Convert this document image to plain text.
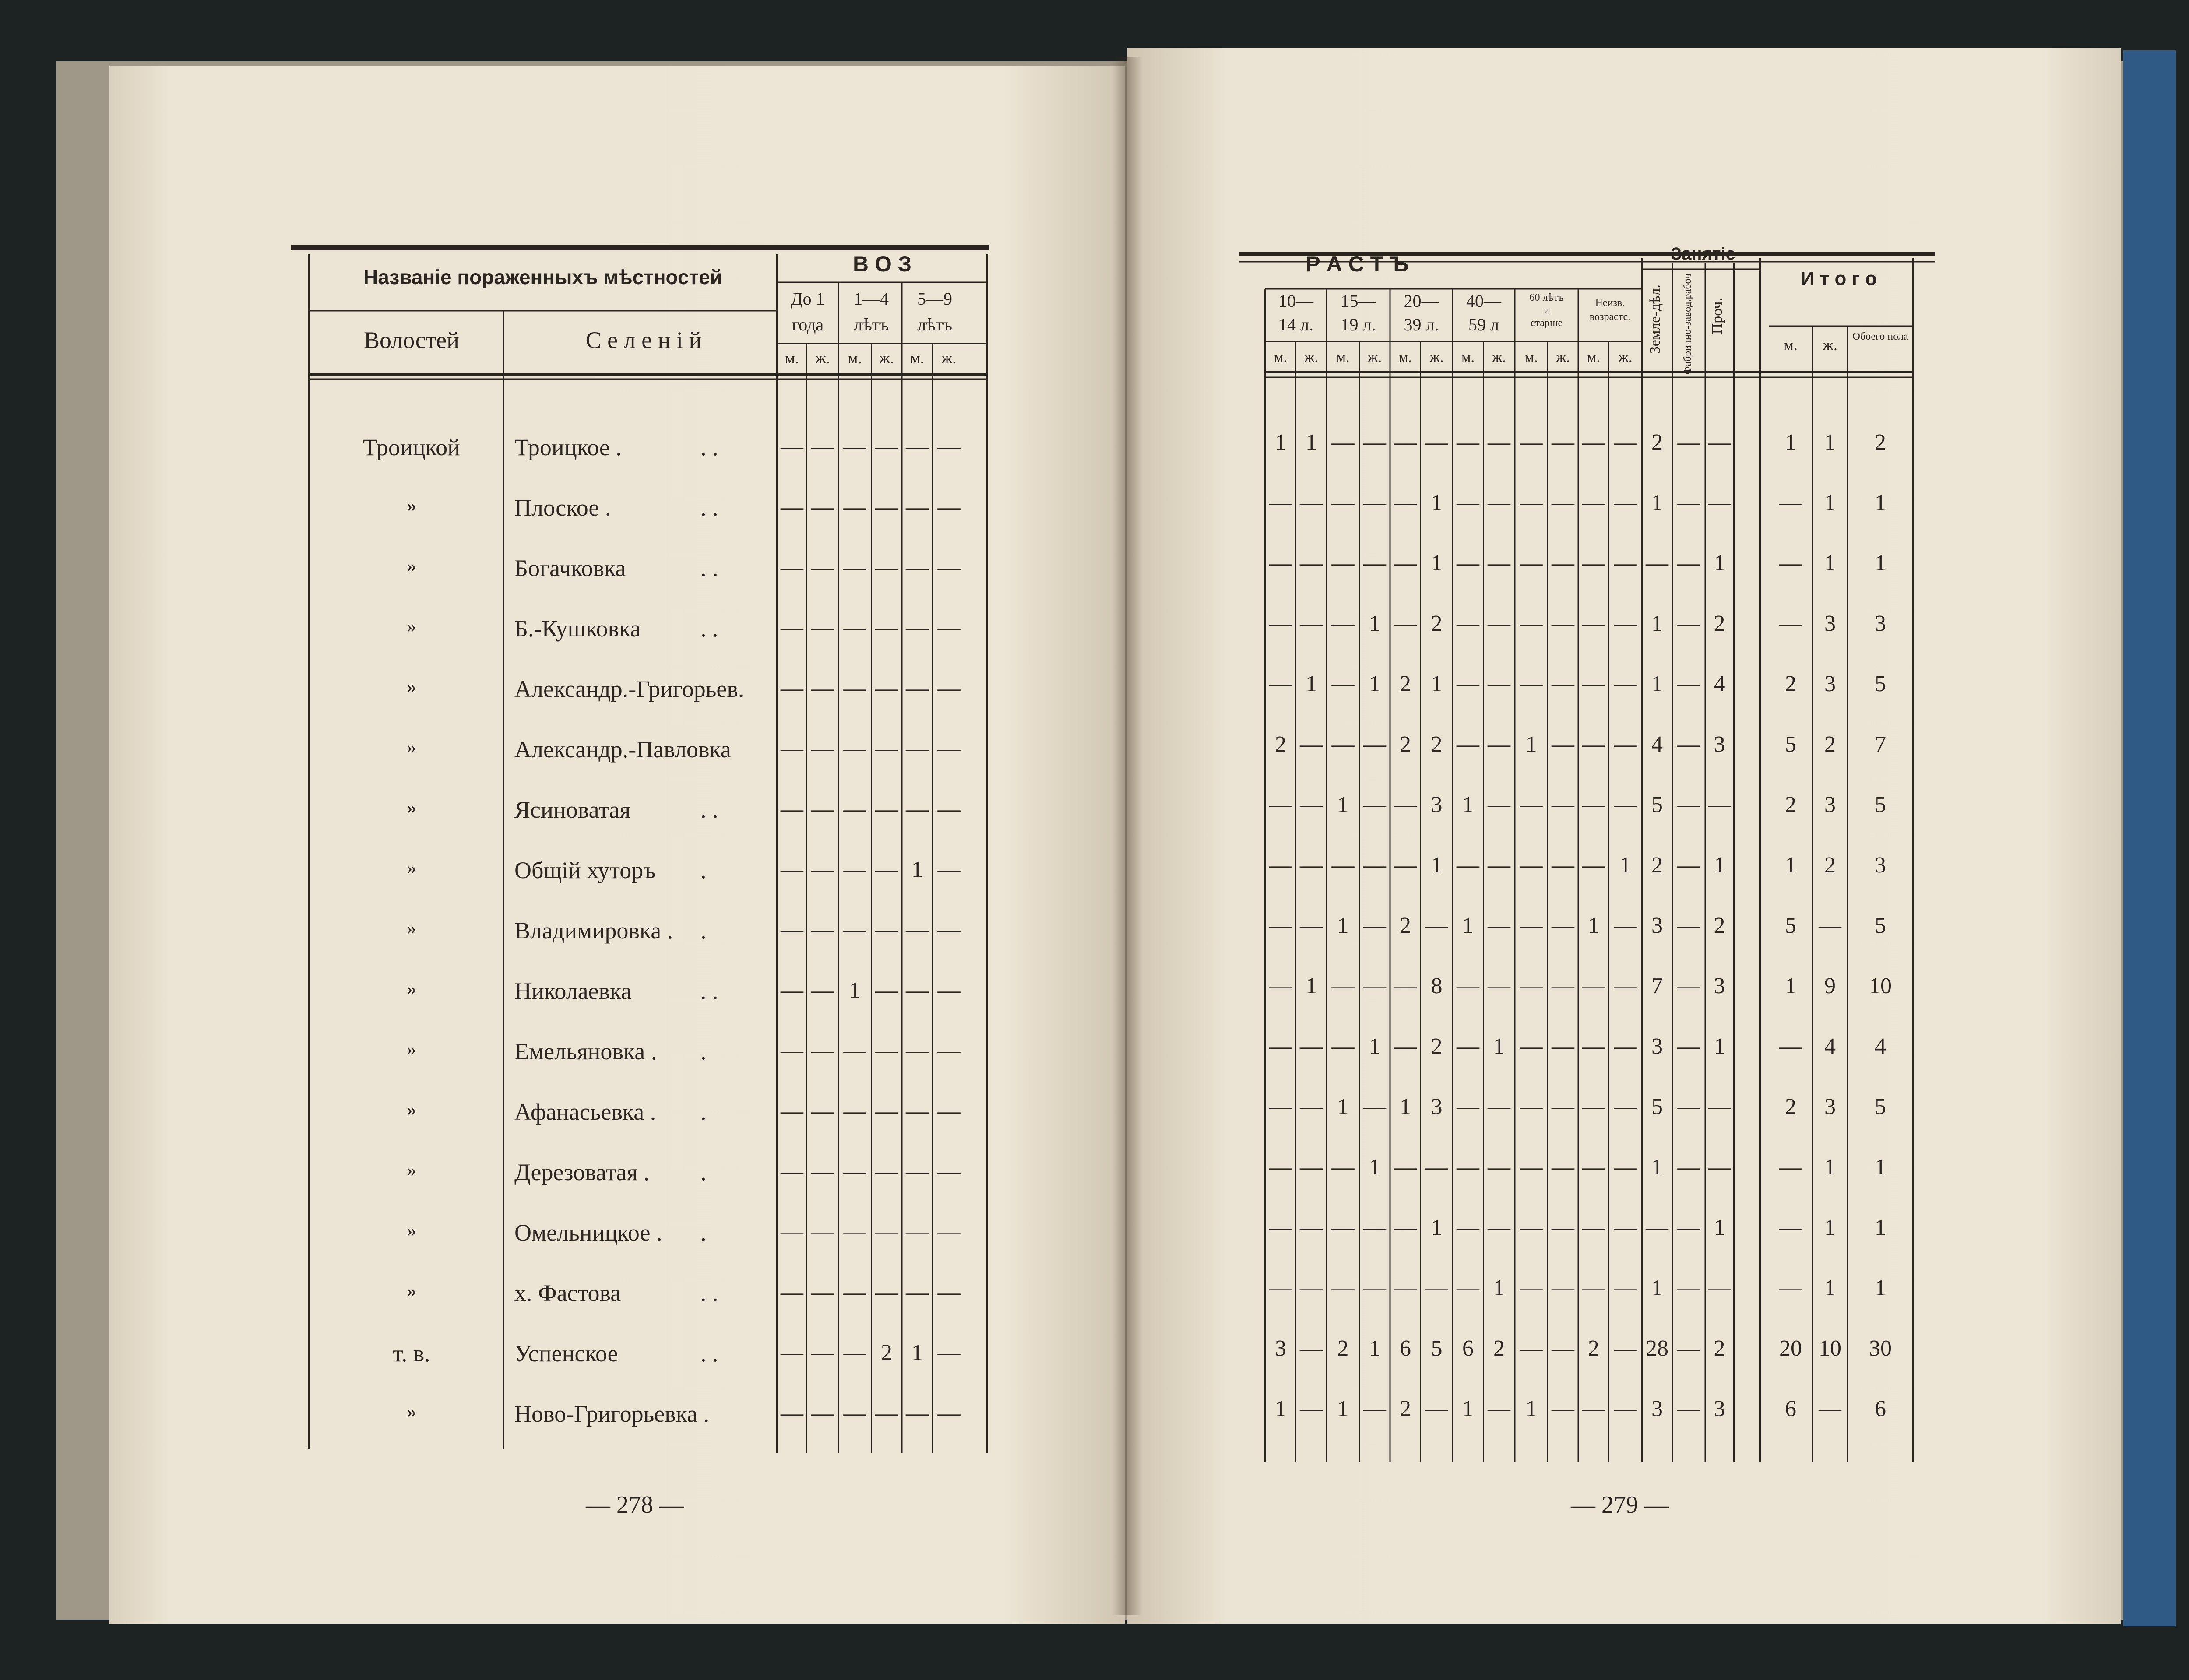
Названіе пораженныхъ мѣстностей
Волостей	С е л е н і й
В О З
До 1
года
1—4
лѣтъ
5—9
лѣтъ
м. ж. м. ж. м. ж.
Троицкой Троицкое .	. .	— — — — — —
»	Плоское .	. .	— — — — — —
»	Богачковка	. .	— — — — — —
»	Б.-Кушковка	. .	— — — — — —
»	Александр.-Григорьев. — — — — — —
»	Александр.-Павловка — — — — — —
»	Ясиноватая	. .	— — — — — —
»	Общій хуторъ .	— — — — 1 —
»	Владимировка . .	— — — — — —
»	Николаевка	. .	— — 1 — — —
»	Емельяновка . .	— — — — — —
»	Афанасьевка . .	— — — — — —
»	Дерезоватая . .	— — — — — —
»	Омельницкое . .	— — — — — —
»	х. Фастова	. .	— — — — — —
т. в.	Успенское	. .	— — — 2 1 —
»	Ново-Григорьевка .	— — — — — —
— 278 —
Р А С Т Ъ
10—
14 л.
15—
19 л.
20—
39 л.
40—
59 л
60 лѣтъ
и
старше
Неизв.
возрастс.
м. ж. м. ж. м. ж. м. ж. м. ж. м. ж.
Занятіе
Земле-дѣл. Фабрично-завод.рабоч Проч.
И т о г о
м. ж. Обоего пола
1 1 — — — — — — — — — — 2 — — 1 1 2
— — — — — 1 — — — — — — 1 — — — 1 1
— — — — — 1 — — — — — — — — 1 — 1 1
— — — 1 — 2 — — — — — — 1 — 2 — 3 3
— 1 — 1 2 1 — — — — — — 1 — 4	2 3 5
2 — — — 2 2 — — 1 — — — 4 — 3	5 2 7
— — 1 — — 3 1 — — — — — 5 — — 2 3 5
— — — — — 1 — — — — — 1 2 — 1	1 2 3
— — 1 — 2 — 1 — — — 1 — 3 — 2	5 — 5
— 1 — — — 8 — — — — — — 7 — 3	1 9 10
— — — 1 — 2 — 1 — — — — 3 — 1 — 4 4
— — 1 — 1 3 — — — — — — 5 — — 2 3 5
— — — 1 — — — — — — — — 1 — — — 1 1
— — — — — 1 — — — — — — — — 1 — 1 1
— — — — — — — 1 — — — — 1 — — — 1 1
3 — 2 1 6 5 6 2 — — 2 — 28 — 2 20 10 30
1 — 1 — 2 — 1 — 1 — — — 3 — 3	6 — 6
— 279 —
